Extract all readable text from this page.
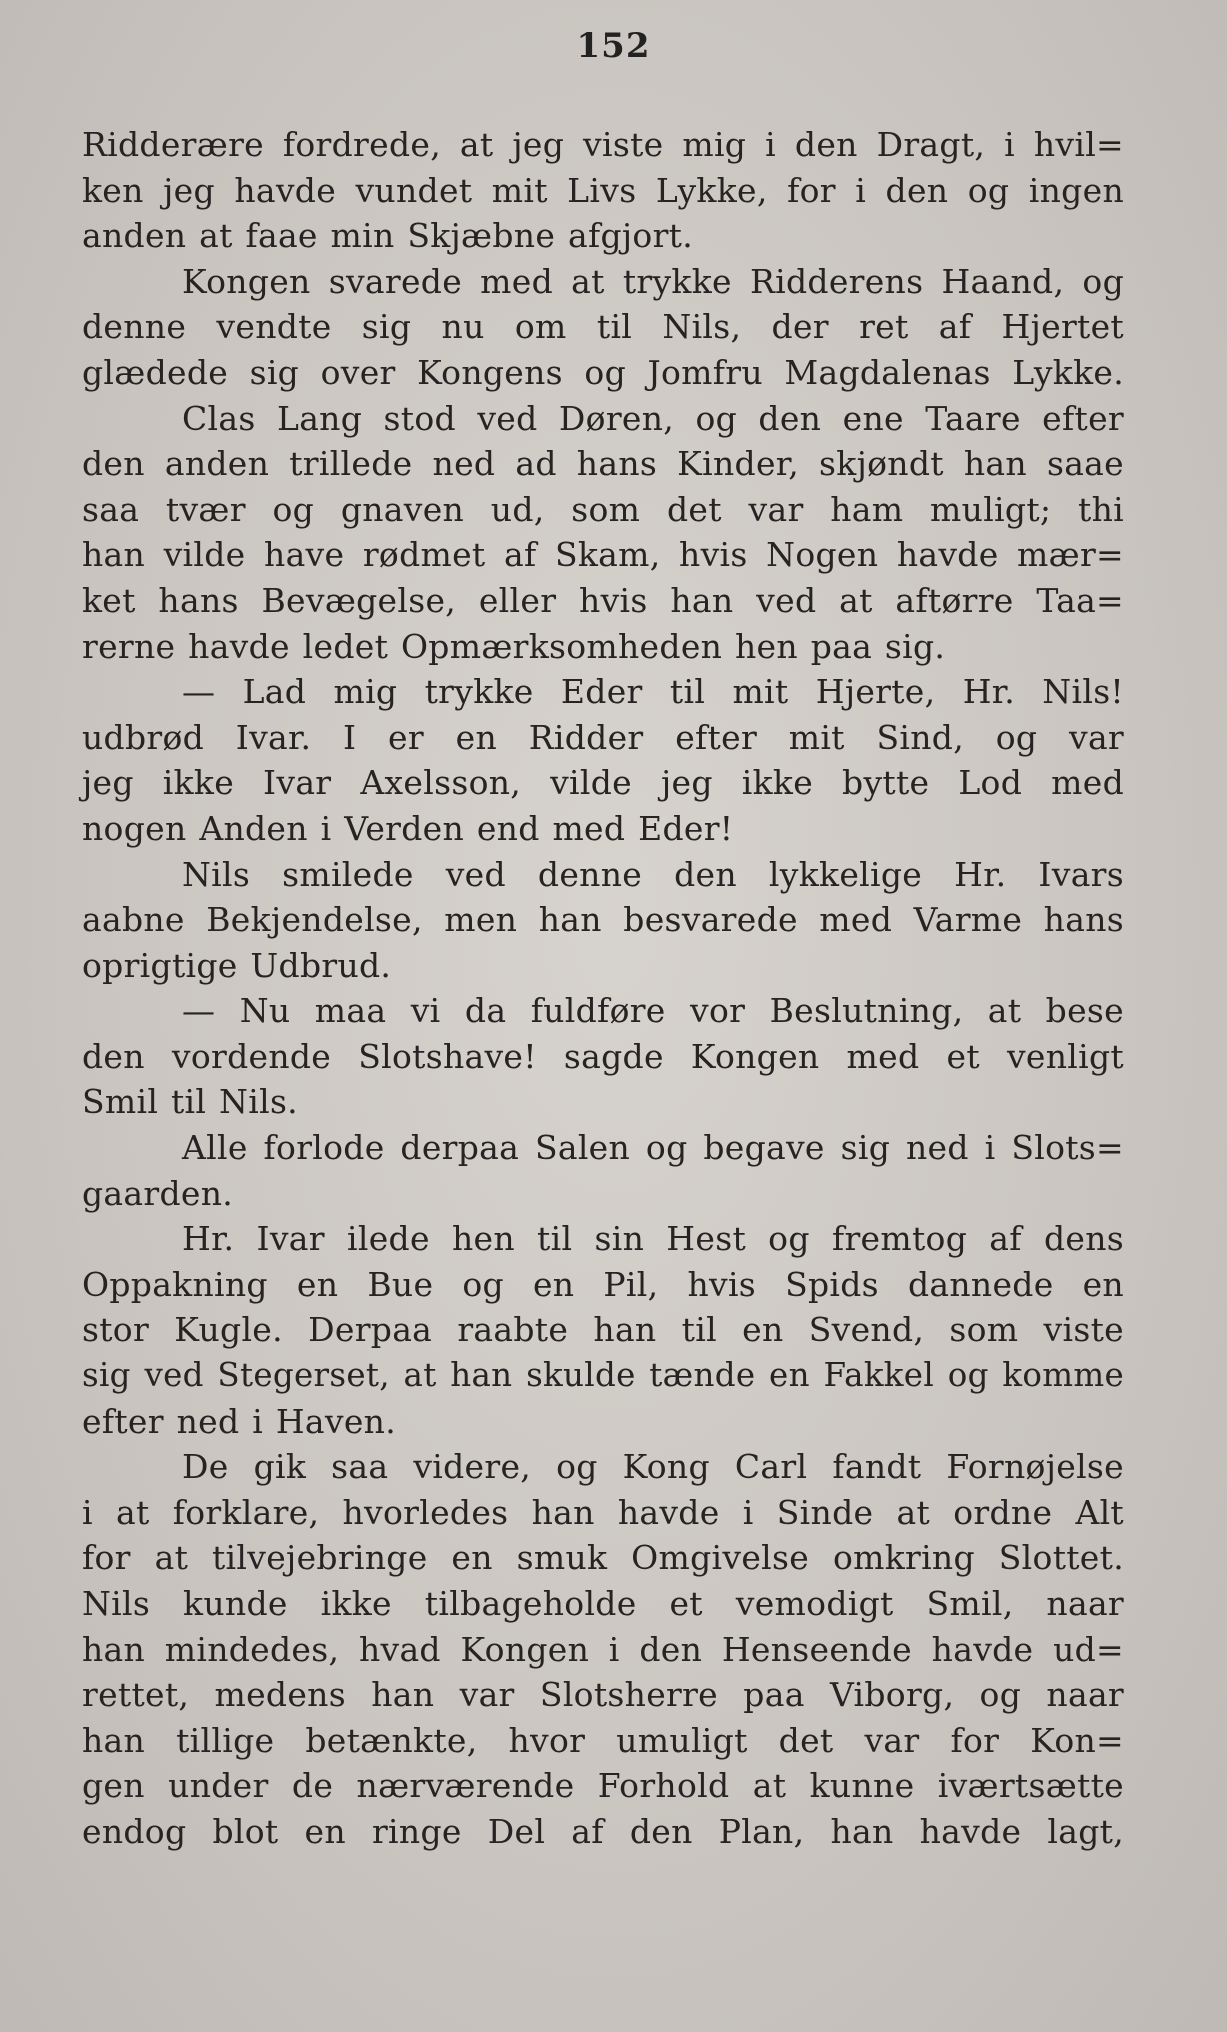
152
Ridderære fordrede, at jeg viste mig i den Dragt, i hvil=
ken jeg havde vundet mit Livs Lykke, for i den og ingen
anden at faae min Skjæbne afgjort.
Kongen svarede med at trykke Ridderens Haand, og
denne vendte sig nu om til Nils, der ret af Hjertet
glædede sig over Kongens og Jomfru Magdalenas Lykke.
Clas Lang stod ved Døren, og den ene Taare efter
den anden trillede ned ad hans Kinder, skjøndt han saae
saa tvær og gnaven ud, som det var ham muligt; thi
han vilde have rødmet af Skam, hvis Nogen havde mær=
ket hans Bevægelse, eller hvis han ved at aftørre Taa=
rerne havde ledet Opmærksomheden hen paa sig.
— Lad mig trykke Eder til mit Hjerte, Hr. Nils!
udbrød Ivar. I er en Ridder efter mit Sind, og var
jeg ikke Ivar Axelsson, vilde jeg ikke bytte Lod med
nogen Anden i Verden end med Eder!
Nils smilede ved denne den lykkelige Hr. Ivars
aabne Bekjendelse, men han besvarede med Varme hans
oprigtige Udbrud.
— Nu maa vi da fuldføre vor Beslutning, at bese
den vordende Slotshave! sagde Kongen med et venligt
Smil til Nils.
Alle forlode derpaa Salen og begave sig ned i Slots=
gaarden.
Hr. Ivar ilede hen til sin Hest og fremtog af dens
Oppakning en Bue og en Pil, hvis Spids dannede en
stor Kugle. Derpaa raabte han til en Svend, som viste
sig ved Stegerset, at han skulde tænde en Fakkel og komme
efter ned i Haven.
De gik saa videre, og Kong Carl fandt Fornøjelse
i at forklare, hvorledes han havde i Sinde at ordne Alt
for at tilvejebringe en smuk Omgivelse omkring Slottet.
Nils kunde ikke tilbageholde et vemodigt Smil, naar
han mindedes, hvad Kongen i den Henseende havde ud=
rettet, medens han var Slotsherre paa Viborg, og naar
han tillige betænkte, hvor umuligt det var for Kon=
gen under de nærværende Forhold at kunne iværtsætte
endog blot en ringe Del af den Plan, han havde lagt,
